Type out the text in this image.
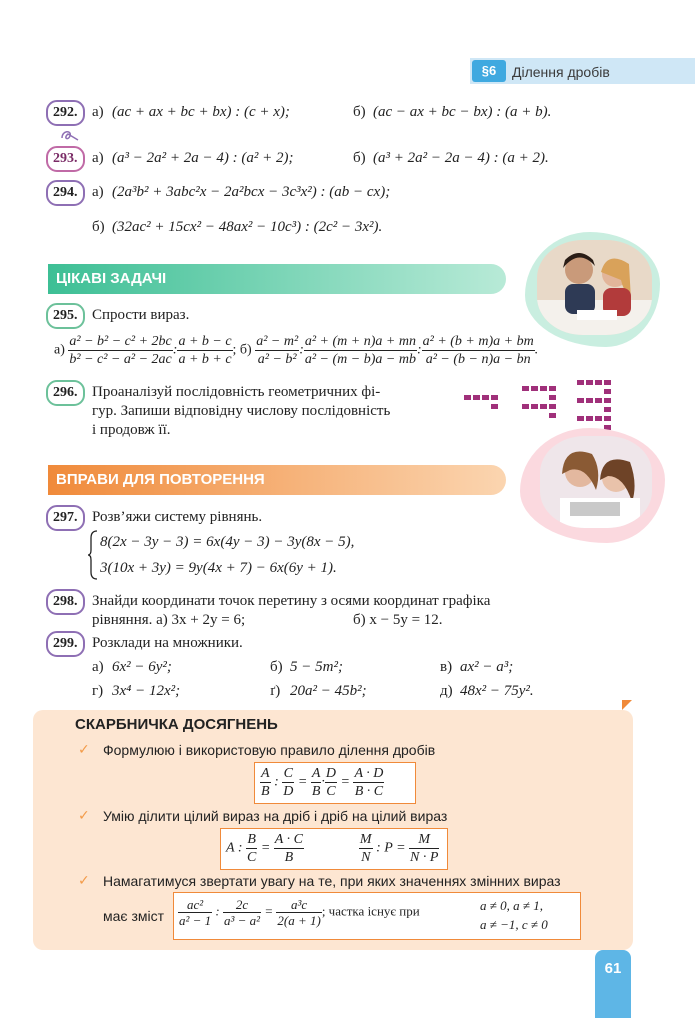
§6	Ділення дробів
292. а) (ac + ax + bc + bx) : (c + x);	б) (ac − ax + bc − bx) : (a + b).
293. а) (a³ − 2a² + 2a − 4) : (a² + 2);	б) (a³ + 2a² − 2a − 4) : (a + 2).
294. а) (2a³b² + 3abc²x − 2a²bcx − 3c³x²) : (ab − cx);
б) (32ac² + 15cx² − 48ax² − 10c³) : (2c² − 3x²).
ЦІКАВІ ЗАДАЧІ
295. Спрости вираз.
$а) \frac{\text{a² − b² − c² + 2bc}}{\text{b² − c² − a² − 2ac}}$ : $\frac{a + b - c}{a + b + c}$ ; $б) \frac{\text{a² − m²}}{\text{a² − b²}}$ : $\frac{\text{a² + (m + n)a + mn}}{\text{a² − (m − b)a − mb}}$ : $\frac{\text{a² + (b + m)a + bm}}{\text{a² − (b − n)a − bn}}$ .
296. Проаналізуй послідовність геометричних фі-
гур. Запиши відповідну числову послідовність
і продовж її.
ВПРАВИ ДЛЯ ПОВТОРЕННЯ
297. Розв’яжи систему рівнянь.
8(2x − 3y − 3) = 6x(4y − 3) − 3y(8x − 5),
3(10x + 3y) = 9y(4x + 7) − 6x(6y + 1).
298. Знайди координати точок перетину з осями координат графіка
рівняння. а) 3x + 2y = 6;	б) x − 5y = 12.
299. Розклади на множники.
а) 6x² − 6y²;	б) 5 − 5m²;	в) ax² − a³;
г) 3x⁴ − 12x²;	ґ) 20a² − 45b²;	д) 48x² − 75y².
СКАРБНИЧКА ДОСЯГНЕНЬ
✓ Формулюю і використовую правило ділення дробів
$\frac{A}{B}$ : $\frac{C}{D} = \frac{A}{B} \cdot \frac{D}{C} = \frac{A \cdot D}{B \cdot C}$
✓ Умію ділити цілий вираз на дріб і дріб на цілий вираз
A : $\frac{B}{C} = \frac{A \cdot C}{B}$
	$\frac{M}{N}$ : $P = \frac{M}{N \cdot P}$
✓ Намагатимуся звертати увагу на те, при яких значеннях змінних вираз
має зміст $\frac{\text{ac²}}{\text{a² − 1}}$ : $\frac{2c}{\text{a³ − a²}} = \frac{\text{a³c}}{2(a + 1)}$ ; частка існує при	a ≠ 0, a ≠ 1,
a ≠ −1, c ≠ 0
61
